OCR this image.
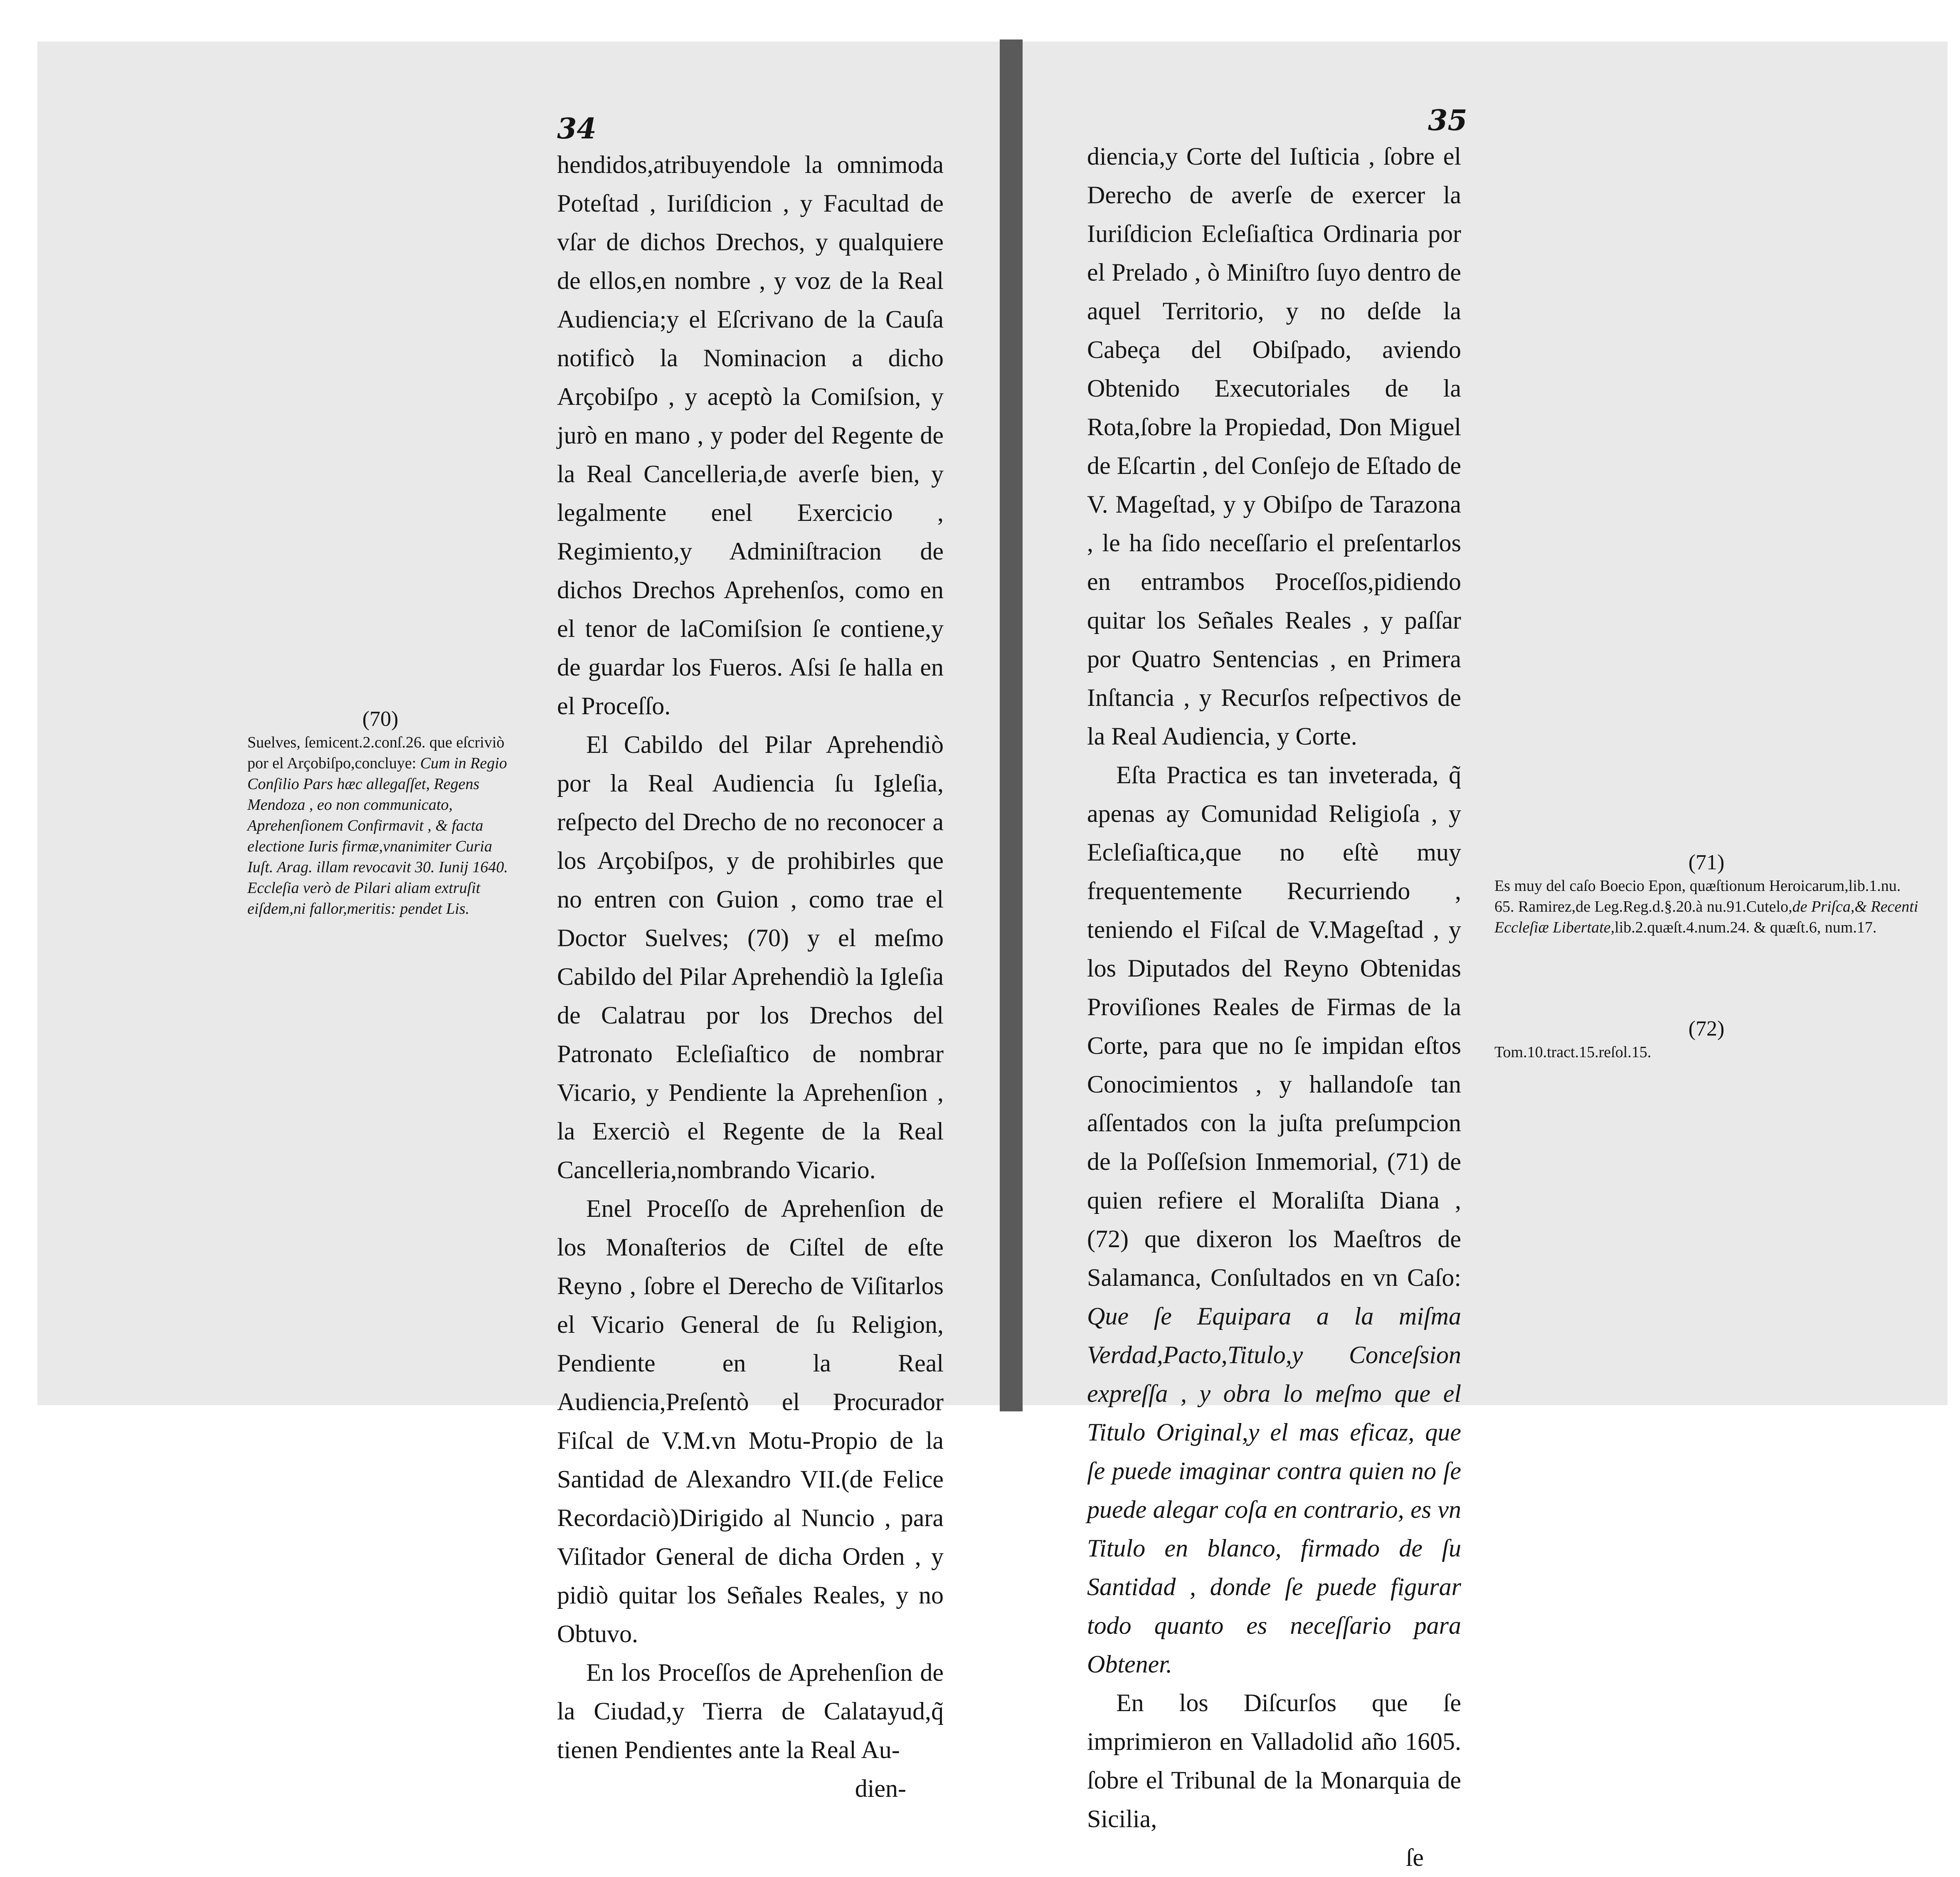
34
(70)
Suelves, ſemicent.2.conſ.26. que eſcriviò por el Arçobiſpo,concluye: Cum in Regio Conſilio Pars hæc allegaſſet, Regens Mendoza , eo non communicato, Aprehenſionem Confirmavit , & facta electione Iuris firmæ,vnanimiter Curia Iuſt. Arag. illam revocavit 30. Iunij 1640. Eccleſia verò de Pilari aliam extruſit eiſdem,ni fallor,meritis: pendet Lis.

hendidos,atribuyendole la omnimoda Poteſtad , Iuriſdicion , y Facultad de vſar de dichos Drechos, y qualquiere de ellos,en nombre , y voz de la Real Audiencia;y el Eſcrivano de la Cauſa notificò la Nominacion a dicho Arçobiſpo , y aceptò la Comiſsion, y jurò en mano , y poder del Regente de la Real Cancelleria,de averſe bien, y legalmente enel Exercicio , Regimiento,y Adminiſtracion de dichos Drechos Aprehenſos, como en el tenor de laComiſsion ſe contiene,y de guardar los Fueros. Aſsi ſe halla en el Proceſſo.

El Cabildo del Pilar Aprehendiò por la Real Audiencia ſu Igleſia, reſpecto del Drecho de no reconocer a los Arçobiſpos, y de prohibirles que no entren con Guion , como trae el Doctor Suelves; (70) y el meſmo Cabildo del Pilar Aprehendiò la Igleſia de Calatrau por los Drechos del Patronato Ecleſiaſtico de nombrar Vicario, y Pendiente la Aprehenſion , la Exerciò el Regente de la Real Cancelleria,nombrando Vicario.

Enel Proceſſo de Aprehenſion de los Monaſterios de Ciſtel de eſte Reyno , ſobre el Derecho de Viſitarlos el Vicario General de ſu Religion, Pendiente en la Real Audiencia,Preſentò el Procurador Fiſcal de V.M.vn Motu-Propio de la Santidad de Alexandro VII.(de Felice Recordaciò)Dirigido al Nuncio , para Viſitador General de dicha Orden , y pidiò quitar los Señales Reales, y no Obtuvo.

En los Proceſſos de Aprehenſion de la Ciudad,y Tierra de Calatayud,q̃ tienen Pendientes ante la Real Au-

dien-

35

diencia,y Corte del Iuſticia , ſobre el Derecho de averſe de exercer la Iuriſdicion Ecleſiaſtica Ordinaria por el Prelado , ò Miniſtro ſuyo dentro de aquel Territorio, y no deſde la Cabeça del Obiſpado, aviendo Obtenido Executoriales de la Rota,ſobre la Propiedad, Don Miguel de Eſcartin , del Conſejo de Eſtado de V. Mageſtad, y y Obiſpo de Tarazona , le ha ſido neceſſario el preſentarlos en entrambos Proceſſos,pidiendo quitar los Señales Reales , y paſſar por Quatro Sentencias , en Primera Inſtancia , y Recurſos reſpectivos de la Real Audiencia, y Corte.

Eſta Practica es tan inveterada, q̃ apenas ay Comunidad Religioſa , y Ecleſiaſtica,que no eſtè muy frequentemente Recurriendo , teniendo el Fiſcal de V.Mageſtad , y los Diputados del Reyno Obtenidas Proviſiones Reales de Firmas de la Corte, para que no ſe impidan eſtos Conocimientos , y hallandoſe tan aſſentados con la juſta preſumpcion de la Poſſeſsion Inmemorial, (71) de quien refiere el Moraliſta Diana , (72) que dixeron los Maeſtros de Salamanca, Conſultados en vn Caſo: Que ſe Equipara a la miſma Verdad,Pacto,Titulo,y Conceſsion expreſſa , y obra lo meſmo que el Titulo Original,y el mas eficaz, que ſe puede imaginar contra quien no ſe puede alegar coſa en contrario, es vn Titulo en blanco, firmado de ſu Santidad , donde ſe puede figurar todo quanto es neceſſario para Obtener.

En los Diſcurſos que ſe imprimieron en Valladolid año 1605. ſobre el Tribunal de la Monarquia de Sicilia,

ſe

(71)
Es muy del caſo Boecio Epon, quæſtionum Heroicarum,lib.1.nu. 65. Ramirez,de Leg.Reg.d.§.20.à nu.91.Cutelo,de Priſca,& Recenti Eccleſiæ Libertate,lib.2.quæſt.4.num.24. & quæſt.6, num.17.
(72)
Tom.10.tract.15.reſol.15.
